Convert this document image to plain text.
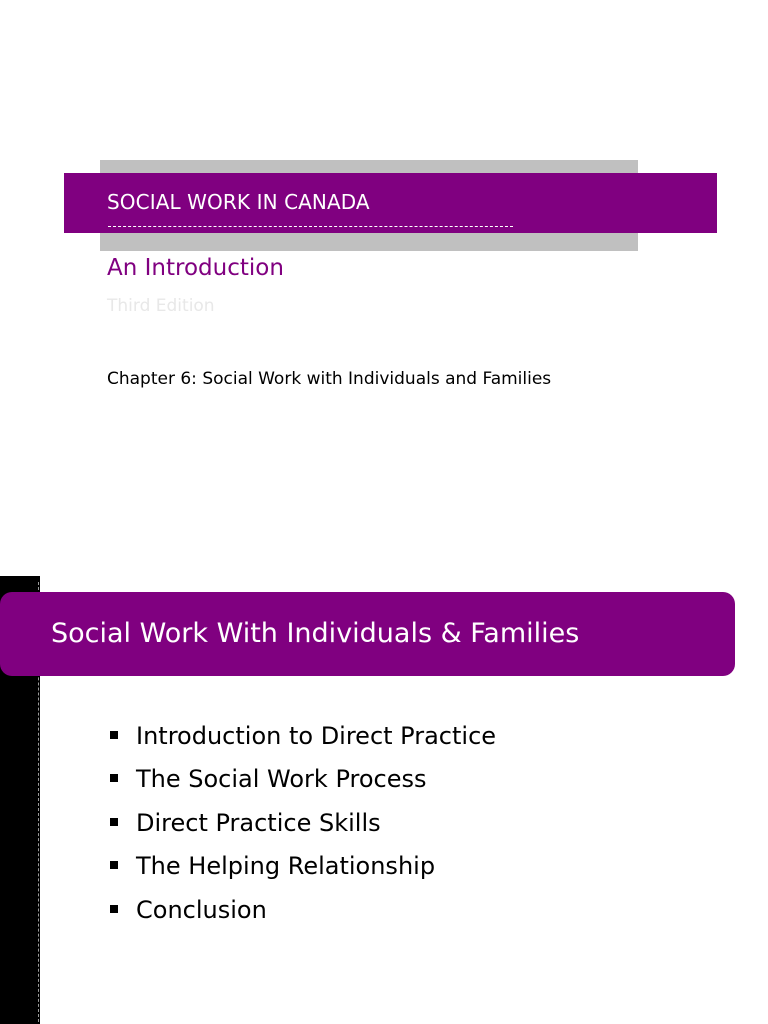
SOCIAL WORK IN CANADA
An Introduction
Third Edition
Chapter 6: Social Work with Individuals and Families
Social Work With Individuals & Families
Introduction to Direct Practice
The Social Work Process
Direct Practice Skills
The Helping Relationship
Conclusion
